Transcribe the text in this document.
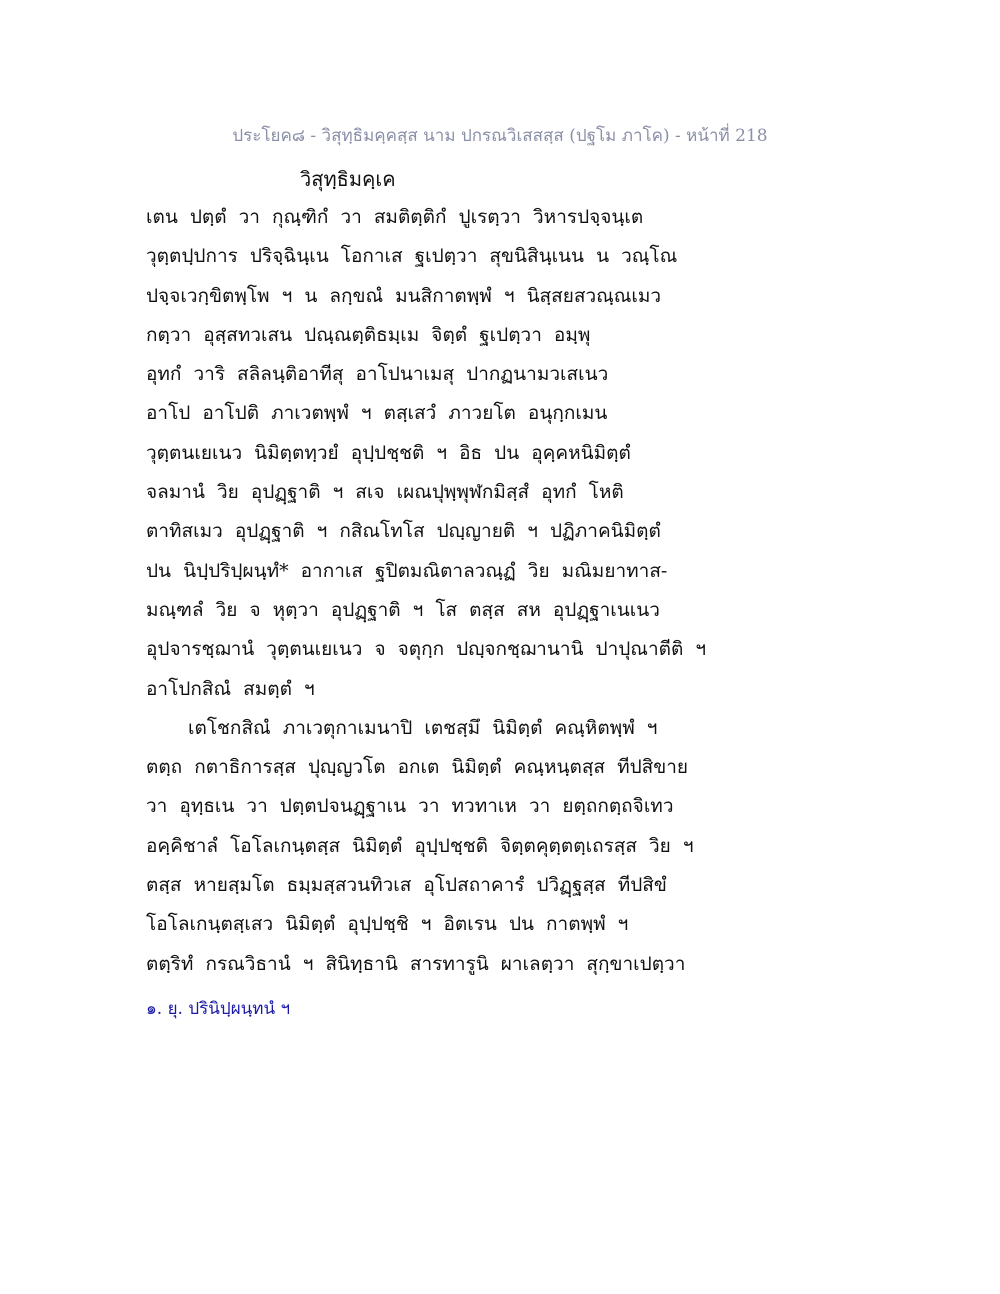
ประโยค๘ - วิสุทฺธิมคฺคสฺส นาม ปกรณวิเสสสฺส (ปฐโม ภาโค) - หน้าที่ 218
วิสุทฺธิมคฺเค
เตน ปตฺตํ วา กุณฺฑิกํ วา สมติตฺติกํ ปูเรตฺวา วิหารปจฺจนฺเต
วุตฺตปฺปการ ปริจฺฉินฺเน โอกาเส ฐเปตฺวา สุขนิสินฺเนน น วณฺโณ
ปจฺจเวกฺขิตพฺโพ ฯ น ลกฺขณํ มนสิกาตพฺพํ ฯ นิสฺสยสวณฺณเมว
กตฺวา อุสฺสทวเสน ปณฺณตฺติธมฺเม จิตฺตํ ฐเปตฺวา อมฺพุ
อุทกํ วาริ สลิลนฺติอาทีสุ อาโปนาเมสุ ปากฏนามวเสเนว
อาโป อาโปติ ภาเวตพฺพํ ฯ ตสฺเสวํ ภาวยโต อนุกฺกเมน
วุตฺตนเยเนว นิมิตฺตทฺวยํ อุปฺปชฺชติ ฯ อิธ ปน อุคฺคหนิมิตฺตํ
จลมานํ วิย อุปฏฺฐาติ ฯ สเจ เผณปุพฺพุฬกมิสฺสํ อุทกํ โหติ
ตาทิสเมว อุปฏฺฐาติ ฯ กสิณโทโส ปญฺญายติ ฯ ปฏิภาคนิมิตฺตํ
ปน นิปฺปริปฺผนฺทํ* อากาเส ฐปิตมณิตาลวณฺฏํ วิย มณิมยาทาส-
มณฺฑลํ วิย จ หุตฺวา อุปฏฺฐาติ ฯ โส ตสฺส สห อุปฏฺฐาเนเนว
อุปจารชฺฌานํ วุตฺตนเยเนว จ จตุกฺก ปญฺจกชฺฌานานิ ปาปุณาตีติ ฯ
อาโปกสิณํ สมตฺตํ ฯ
เตโชกสิณํ ภาเวตุกาเมนาปิ เตชสฺมึ นิมิตฺตํ คณฺหิตพฺพํ ฯ
ตตฺถ กตาธิการสฺส ปุญฺญวโต อกเต นิมิตฺตํ คณฺหนฺตสฺส ทีปสิขาย
วา อุทฺธเน วา ปตฺตปจนฏฺฐาเน วา ทวทาเห วา ยตฺถกตฺถจิเทว
อคฺคิชาลํ โอโลเกนฺตสฺส นิมิตฺตํ อุปฺปชฺชติ จิตฺตคุตฺตตฺเถรสฺส วิย ฯ
ตสฺส หายสฺมโต ธมฺมสฺสวนทิวเส อุโปสถาคารํ ปวิฏฺฐสฺส ทีปสิขํ
โอโลเกนฺตสฺเสว นิมิตฺตํ อุปฺปชฺชิ ฯ อิตเรน ปน กาตพฺพํ ฯ
ตตฺริทํ กรณวิธานํ ฯ สินิทฺธานิ สารทารูนิ ผาเลตฺวา สุกฺขาเปตฺวา
๑. ยุ. ปรินิปฺผนฺทนํ ฯ
